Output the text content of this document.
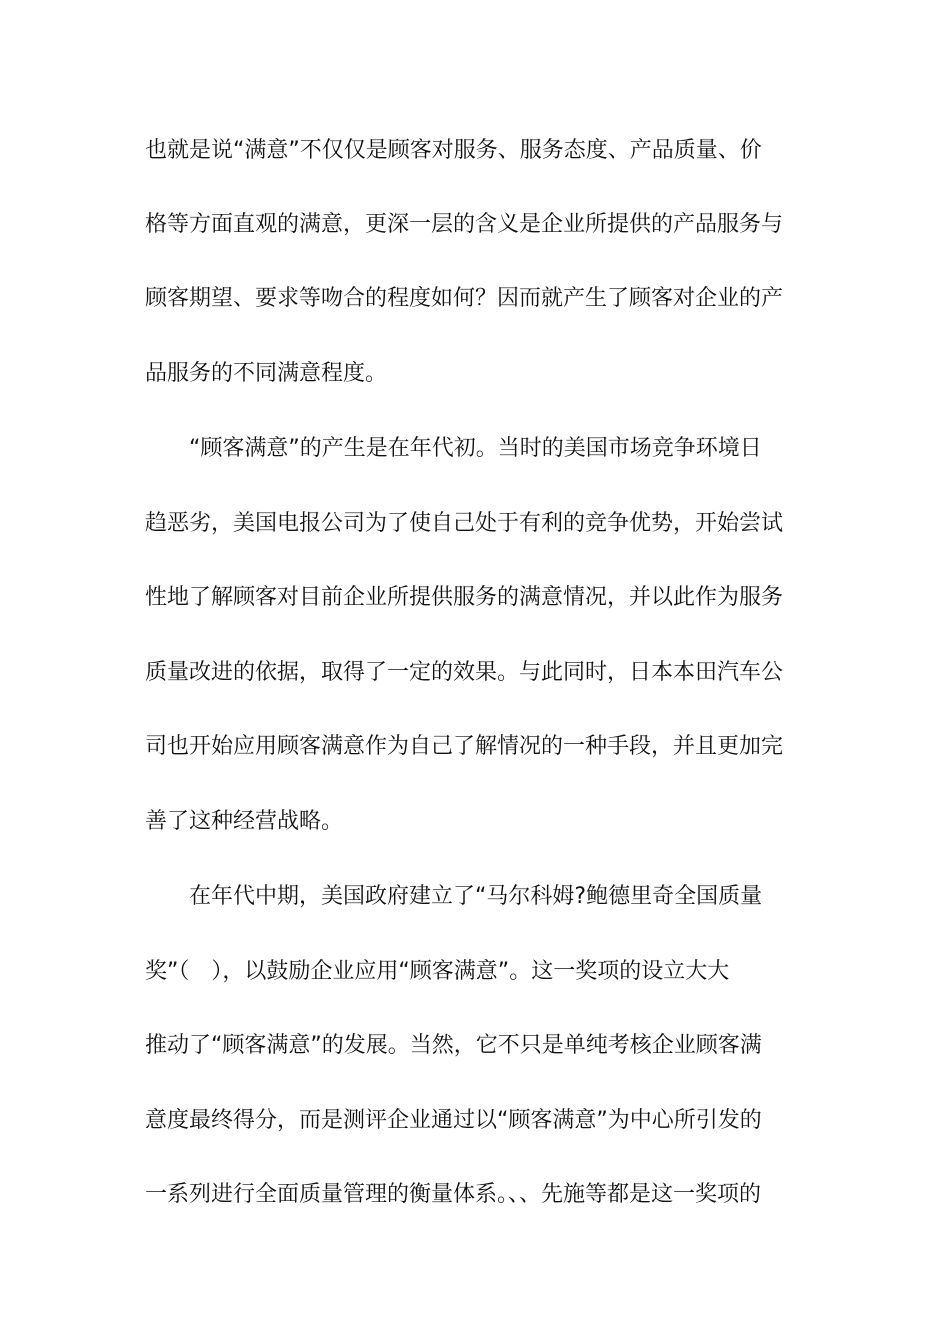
也就是说“满意”不仅仅是顾客对服务、服务态度、产品质量、价
格等方面直观的满意，更深一层的含义是企业所提供的产品服务与
顾客期望、要求等吻合的程度如何？因而就产生了顾客对企业的产
品服务的不同满意程度。
“顾客满意”的产生是在年代初。当时的美国市场竞争环境日
趋恶劣，美国电报公司为了使自己处于有利的竞争优势，开始尝试
性地了解顾客对目前企业所提供服务的满意情况，并以此作为服务
质量改进的依据，取得了一定的效果。与此同时，日本本田汽车公
司也开始应用顾客满意作为自己了解情况的一种手段，并且更加完
善了这种经营战略。
在年代中期，美国政府建立了“马尔科姆?鲍德里奇全国质量
奖”（　），以鼓励企业应用“顾客满意”。这一奖项的设立大大
推动了“顾客满意”的发展。当然，它不只是单纯考核企业顾客满
意度最终得分，而是测评企业通过以“顾客满意”为中心所引发的
一系列进行全面质量管理的衡量体系。、、先施等都是这一奖项的
